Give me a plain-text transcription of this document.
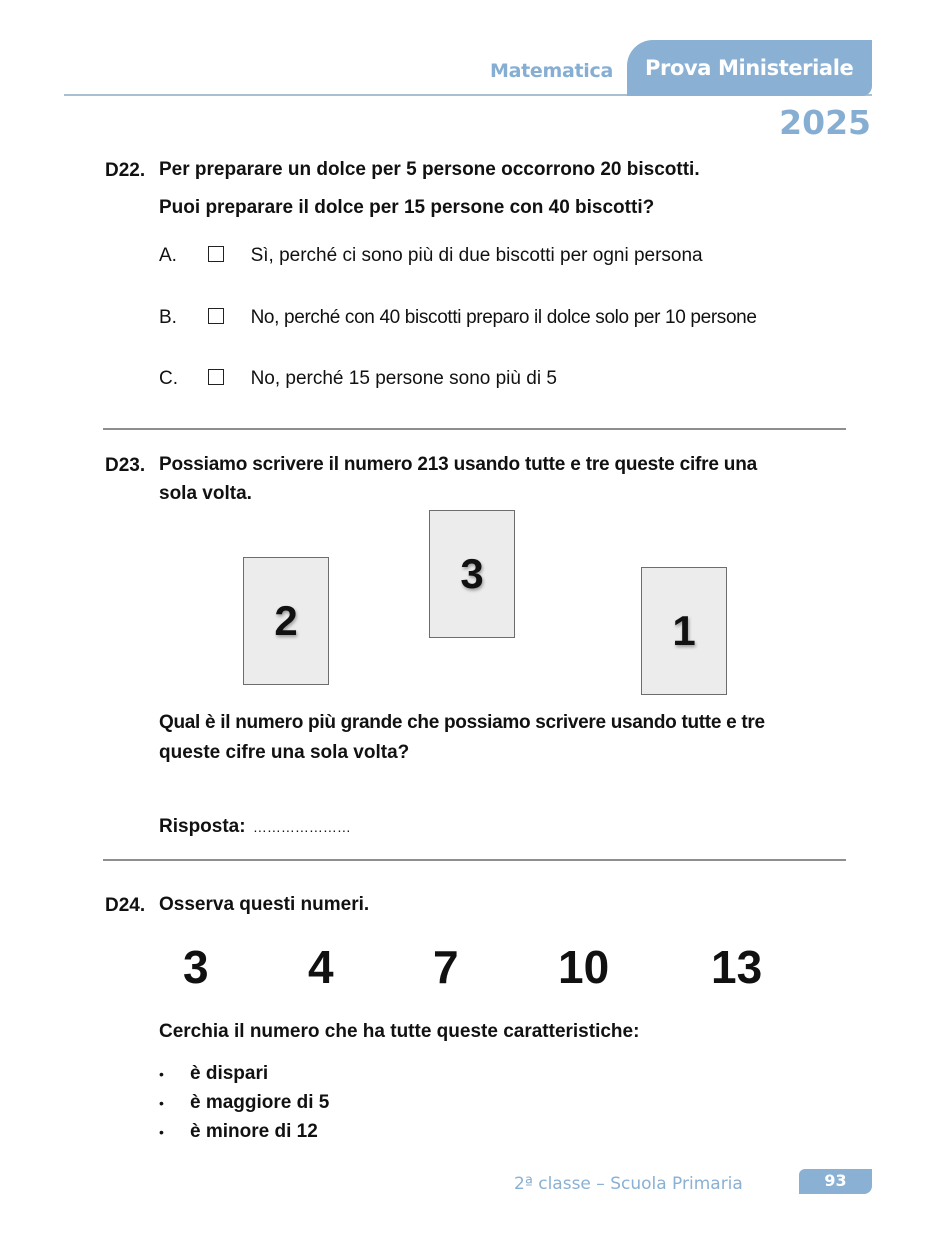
Matematica Prova Ministeriale
2025
D22. Per preparare un dolce per 5 persone occorrono 20 biscotti.
Puoi preparare il dolce per 15 persone con 40 biscotti?
A.	Sì, perché ci sono più di due biscotti per ogni persona
B.	No, perché con 40 biscotti preparo il dolce solo per 10 persone
C.	No, perché 15 persone sono più di 5
D23. Possiamo scrivere il numero 213 usando tutte e tre queste cifre una
sola volta.
2
3
1
Qual è il numero più grande che possiamo scrivere usando tutte e tre
queste cifre una sola volta?
Risposta: …………………
D24. Osserva questi numeri.
3 4 7 10 13
Cerchia il numero che ha tutte queste caratteristiche:
• è dispari
• è maggiore di 5
• è minore di 12
2ª classe – Scuola Primaria	93
